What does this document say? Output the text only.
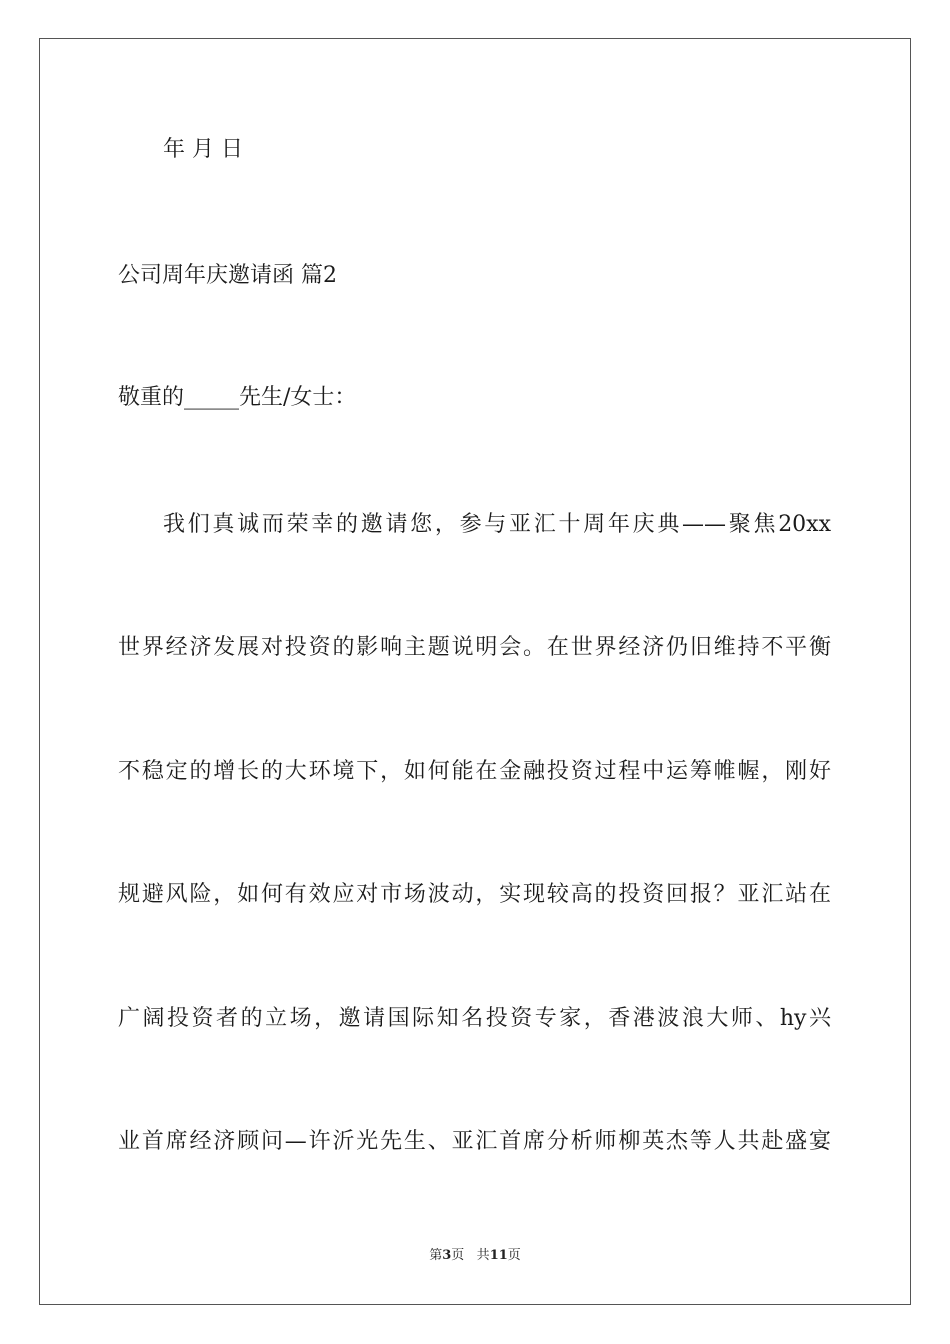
年 月 日
公司周年庆邀请函 篇2
敬重的_____先生/女士：
我们真诚而荣幸的邀请您，参与亚汇十周年庆典——聚焦20xx
世界经济发展对投资的影响主题说明会。在世界经济仍旧维持不平衡
不稳定的增长的大环境下，如何能在金融投资过程中运筹帷幄，刚好
规避风险，如何有效应对市场波动，实现较高的投资回报？亚汇站在
广阔投资者的立场，邀请国际知名投资专家，香港波浪大师、hy兴
业首席经济顾问—许沂光先生、亚汇首席分析师柳英杰等人共赴盛宴
第3页 共11页
